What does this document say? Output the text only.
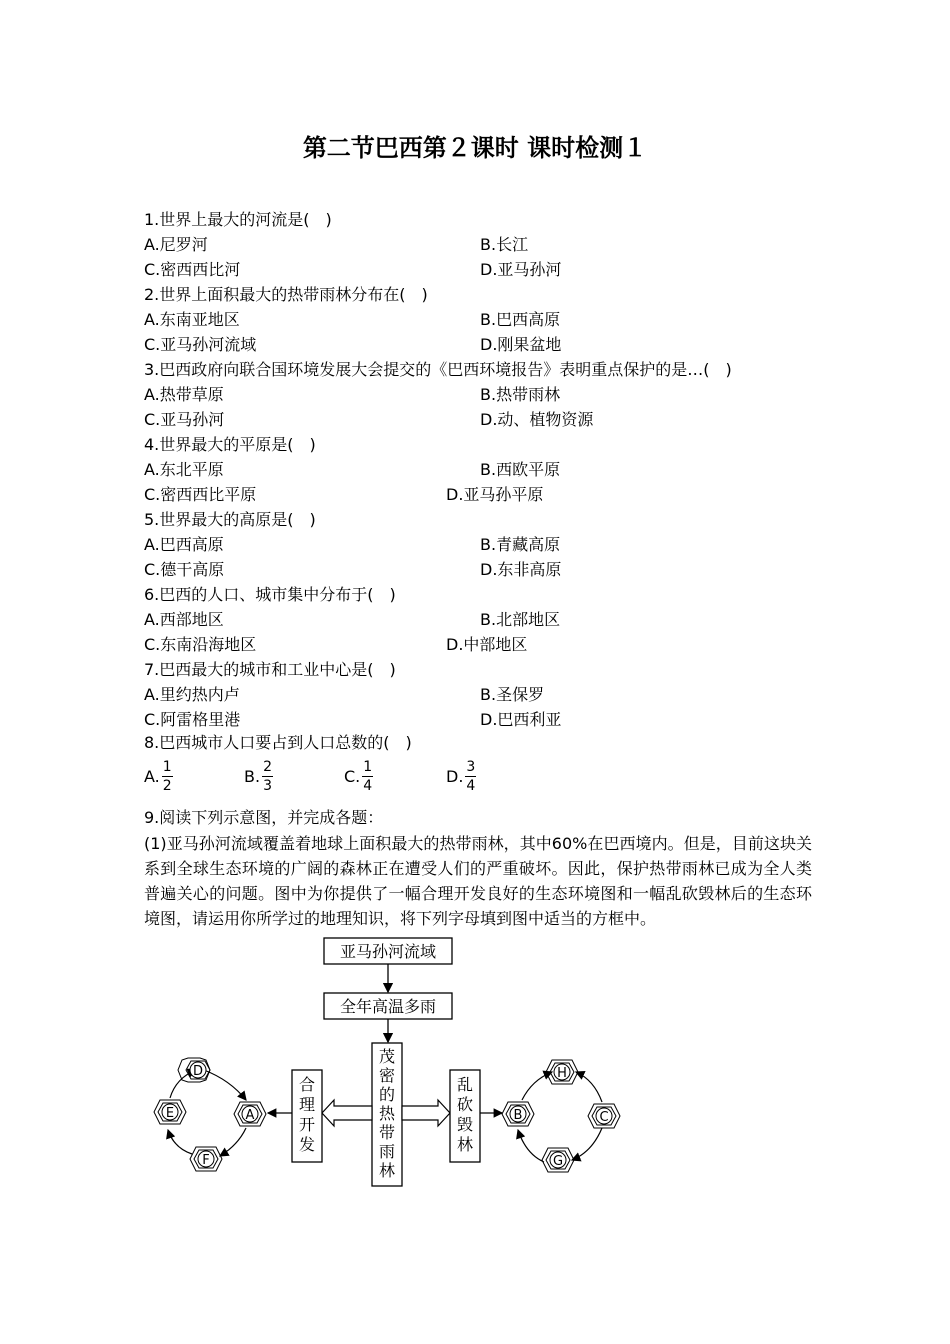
第二节巴西第２课时 课时检测１
1.世界上最大的河流是(　)
A.尼罗河	B.长江
C.密西西比河	D.亚马孙河
2.世界上面积最大的热带雨林分布在(　)
A.东南亚地区	B.巴西高原
C.亚马孙河流域	D.刚果盆地
3.巴西政府向联合国环境发展大会提交的《巴西环境报告》表明重点保护的是…(　)
A.热带草原	B.热带雨林
C.亚马孙河	D.动、植物资源
4.世界最大的平原是(　)
A.东北平原	B.西欧平原
C.密西西比平原	D.亚马孙平原
5.世界最大的高原是(　)
A.巴西高原	B.青藏高原
C.德干高原	D.东非高原
6.巴西的人口、城市集中分布于(　)
A.西部地区	B.北部地区
C.东南沿海地区	D.中部地区
7.巴西最大的城市和工业中心是(　)
A.里约热内卢	B.圣保罗
C.阿雷格里港	D.巴西利亚
8.巴西城市人口要占到人口总数的(　)
A. $\frac{1}{2}$	B. $\frac{2}{3}$	C. $\frac{1}{4}$	D. $\frac{3}{4}$
9.阅读下列示意图，并完成各题：
(1)亚马孙河流域覆盖着地球上面积最大的热带雨林，其中60%在巴西境内。但是，目前这块关系到全球生态环境的广阔的森林正在遭受人们的严重破坏。因此，保护热带雨林已成为全人类普遍关心的问题。图中为你提供了一幅合理开发良好的生态环境图和一幅乱砍毁林后的生态环境图，请运用你所学过的地理知识，将下列字母填到图中适当的方框中。
亚马孙河流域
全年高温多雨
茂
密
的
热
带
雨
林
合
理
开
发
乱
砍
毁
林
D
A
F
E
H
C
G
B
